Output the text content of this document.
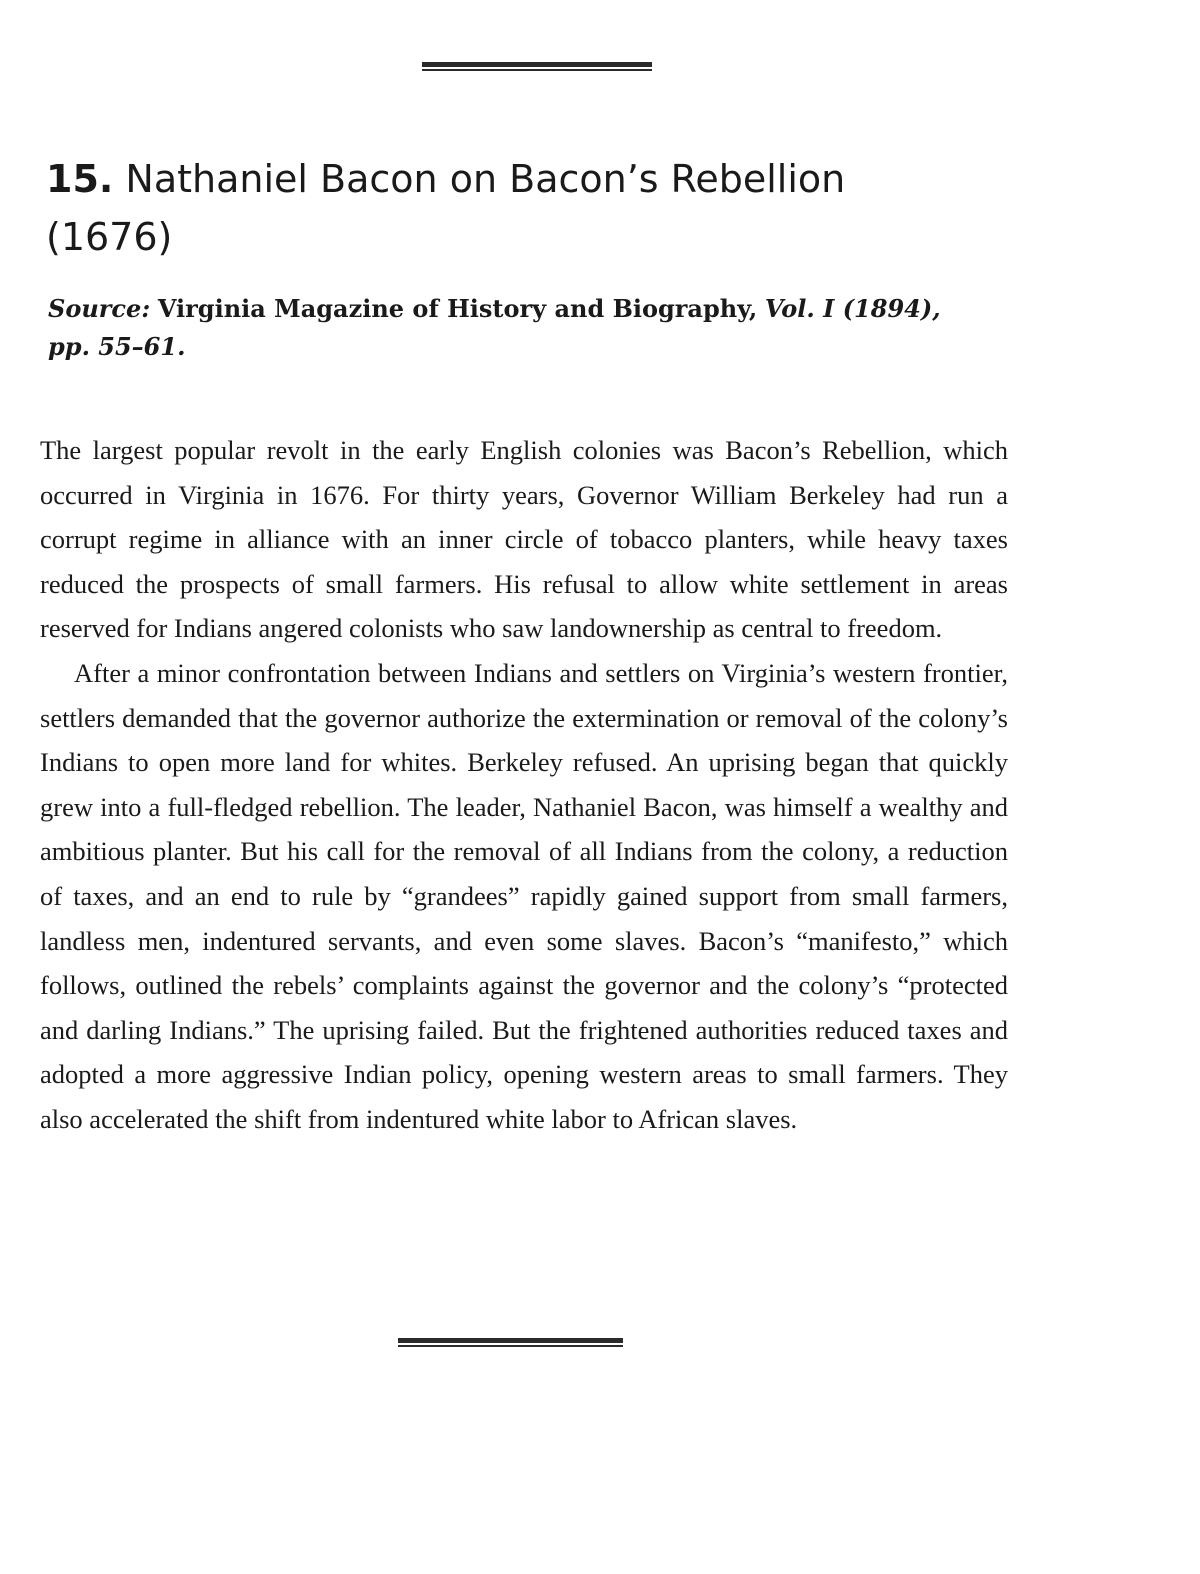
15. Nathaniel Bacon on Bacon’s Rebellion (1676)

Source: Virginia Magazine of History and Biography, Vol. I (1894), pp. 55–61.

The largest popular revolt in the early English colonies was Bacon’s Rebellion, which occurred in Virginia in 1676. For thirty years, Governor William Berkeley had run a corrupt regime in alliance with an inner circle of tobacco planters, while heavy taxes reduced the prospects of small farmers. His refusal to allow white settlement in areas reserved for Indians angered colonists who saw landownership as central to freedom.

After a minor confrontation between Indians and settlers on Virginia’s western frontier, settlers demanded that the governor authorize the extermination or removal of the colony’s Indians to open more land for whites. Berkeley refused. An uprising began that quickly grew into a full-fledged rebellion. The leader, Nathaniel Bacon, was himself a wealthy and ambitious planter. But his call for the removal of all Indians from the colony, a reduction of taxes, and an end to rule by “grandees” rapidly gained support from small farmers, landless men, indentured servants, and even some slaves. Bacon’s “manifesto,” which follows, outlined the rebels’ complaints against the governor and the colony’s “protected and darling Indians.” The uprising failed. But the frightened authorities reduced taxes and adopted a more aggressive Indian policy, opening western areas to small farmers. They also accelerated the shift from indentured white labor to African slaves.
